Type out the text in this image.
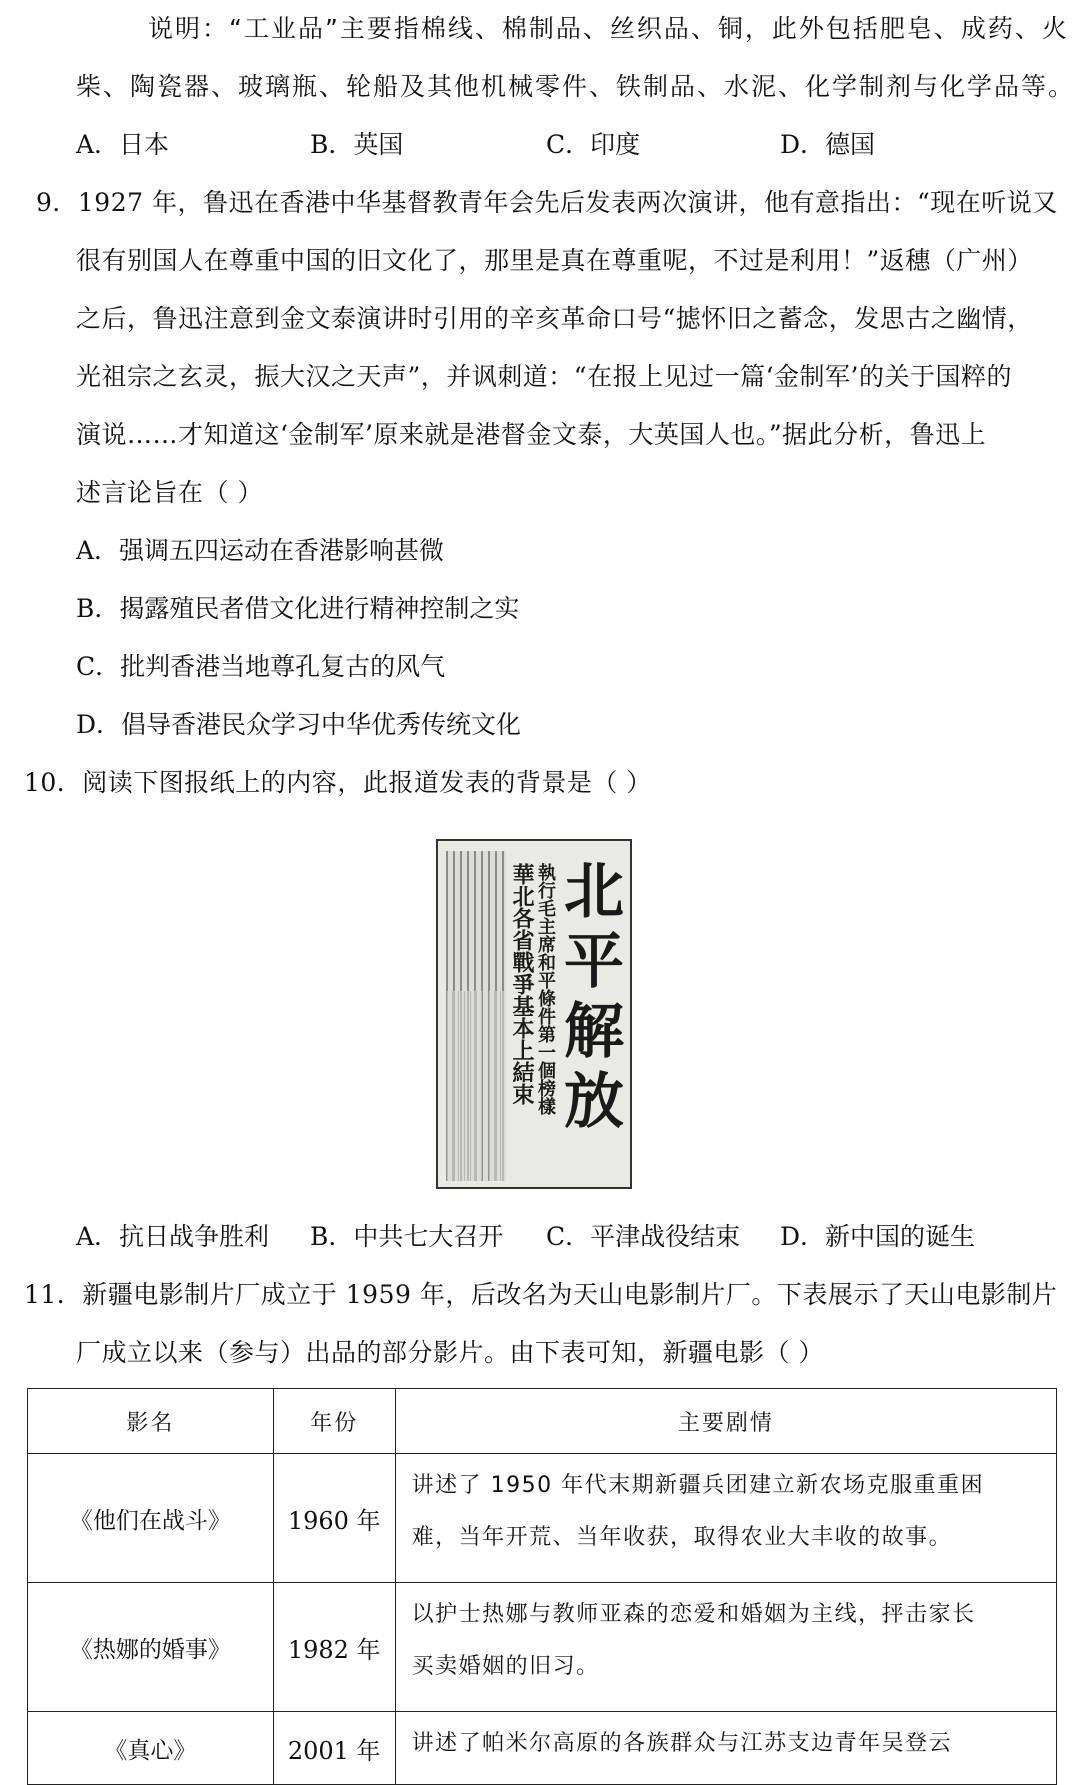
说明：“工业品”主要指棉线、棉制品、丝织品、铜，此外包括肥皂、成药、火
柴、陶瓷器、玻璃瓶、轮船及其他机械零件、铁制品、水泥、化学制剂与化学品等。
A．日本	B．英国	C．印度	D．德国
9．1927 年，鲁迅在香港中华基督教青年会先后发表两次演讲，他有意指出：“现在听说又
很有别国人在尊重中国的旧文化了，那里是真在尊重呢，不过是利用！”返穗（广州）
之后，鲁迅注意到金文泰演讲时引用的辛亥革命口号“摅怀旧之蓄念，发思古之幽情，
光祖宗之玄灵，振大汉之天声”，并讽刺道：“在报上见过一篇‘金制军’的关于国粹的
演说……才知道这‘金制军’原来就是港督金文泰，大英国人也。”据此分析，鲁迅上
述言论旨在（ ）
A．强调五四运动在香港影响甚微
B．揭露殖民者借文化进行精神控制之实
C．批判香港当地尊孔复古的风气
D．倡导香港民众学习中华优秀传统文化
10．阅读下图报纸上的内容，此报道发表的背景是（ ）
華北各省戰爭基本上結束 執行毛主席和平條件第一個榜樣
北平解放
A．抗日战争胜利 B．中共七大召开 C．平津战役结束 D．新中国的诞生
11．新疆电影制片厂成立于 1959 年，后改名为天山电影制片厂。下表展示了天山电影制片
厂成立以来（参与）出品的部分影片。由下表可知，新疆电影（ ）
影名	年份	主要剧情
《他们在战斗》	1960 年	讲述了 1950 年代末期新疆兵团建立新农场克服重重困
难，当年开荒、当年收获，取得农业大丰收的故事。

《热娜的婚事》	1982 年	以护士热娜与教师亚森的恋爱和婚姻为主线，抨击家长
买卖婚姻的旧习。

《真心》	2001 年	讲述了帕米尔高原的各族群众与江苏支边青年吴登云
